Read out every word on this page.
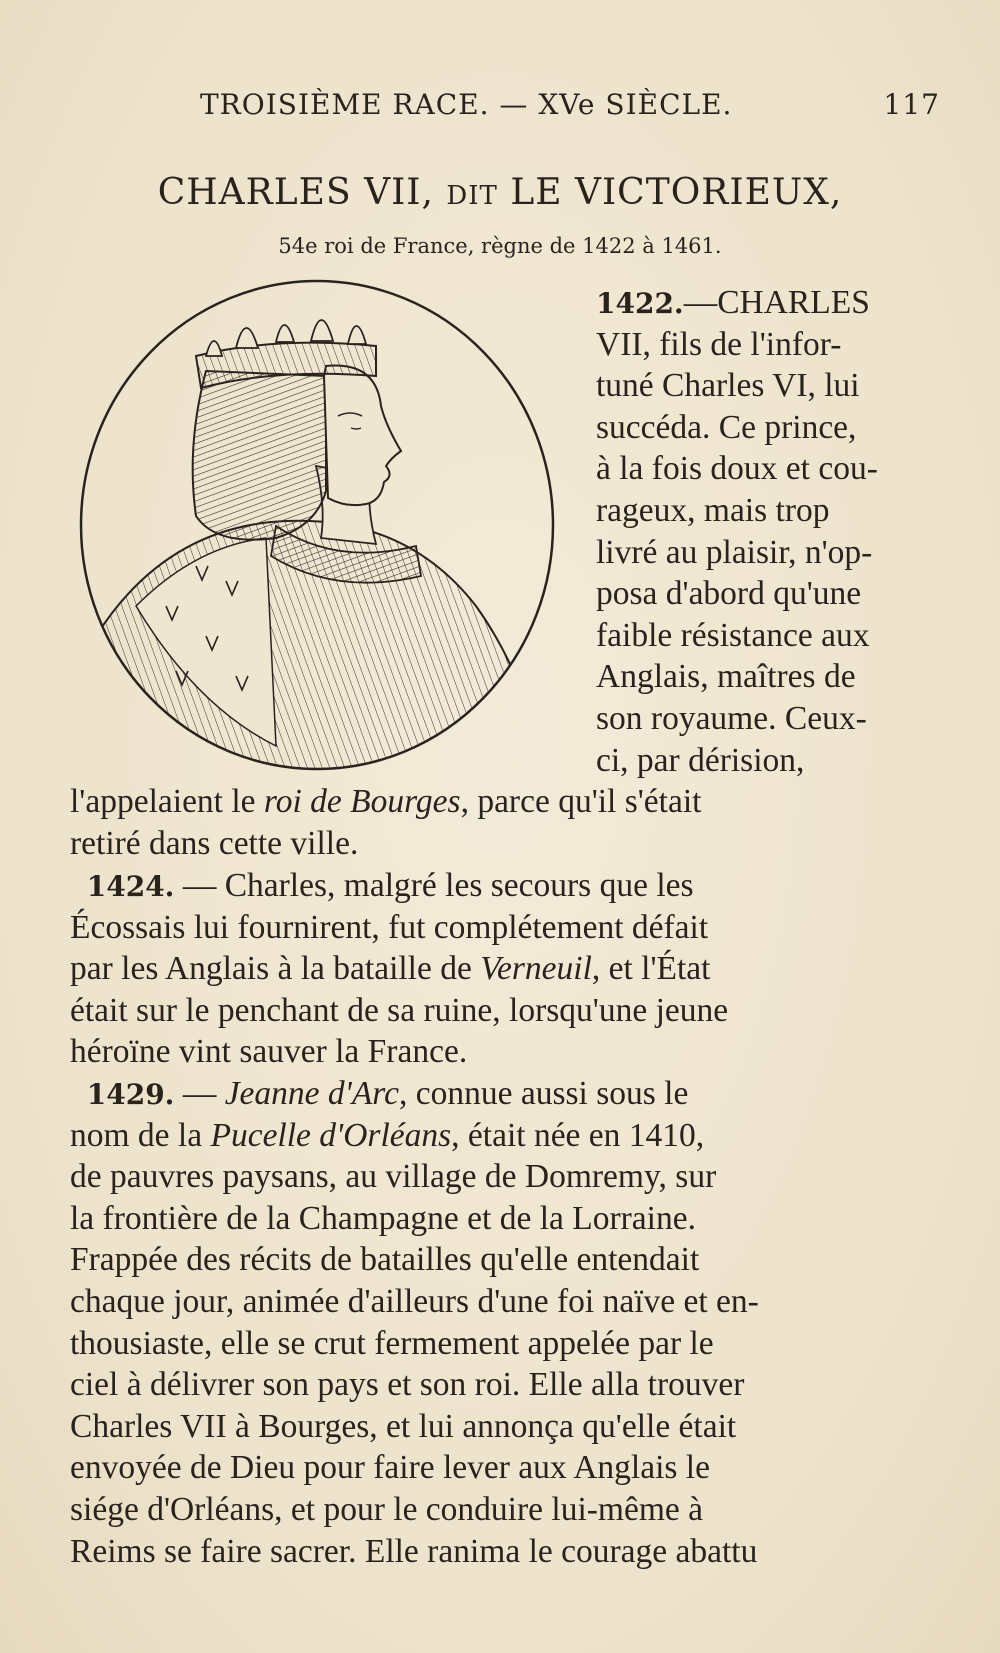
TROISIÈME RACE. — XVe SIÈCLE.	117
CHARLES VII, DIT LE VICTORIEUX,
54e roi de France, règne de 1422 à 1461.
1422.—CHARLES
VII, fils de l'infor-
tuné Charles VI, lui
succéda. Ce prince,
à la fois doux et cou-
rageux, mais trop
livré au plaisir, n'op-
posa d'abord qu'une
faible résistance aux
Anglais, maîtres de
son royaume. Ceux-
ci, par dérision,
l'appelaient le roi de Bourges, parce qu'il s'était
retiré dans cette ville.
1424. — Charles, malgré les secours que les
Écossais lui fournirent, fut complétement défait
par les Anglais à la bataille de Verneuil, et l'État
était sur le penchant de sa ruine, lorsqu'une jeune
héroïne vint sauver la France.
1429. — Jeanne d'Arc, connue aussi sous le
nom de la Pucelle d'Orléans, était née en 1410,
de pauvres paysans, au village de Domremy, sur
la frontière de la Champagne et de la Lorraine.
Frappée des récits de batailles qu'elle entendait
chaque jour, animée d'ailleurs d'une foi naïve et en-
thousiaste, elle se crut fermement appelée par le
ciel à délivrer son pays et son roi. Elle alla trouver
Charles VII à Bourges, et lui annonça qu'elle était
envoyée de Dieu pour faire lever aux Anglais le
siége d'Orléans, et pour le conduire lui-même à
Reims se faire sacrer. Elle ranima le courage abattu
